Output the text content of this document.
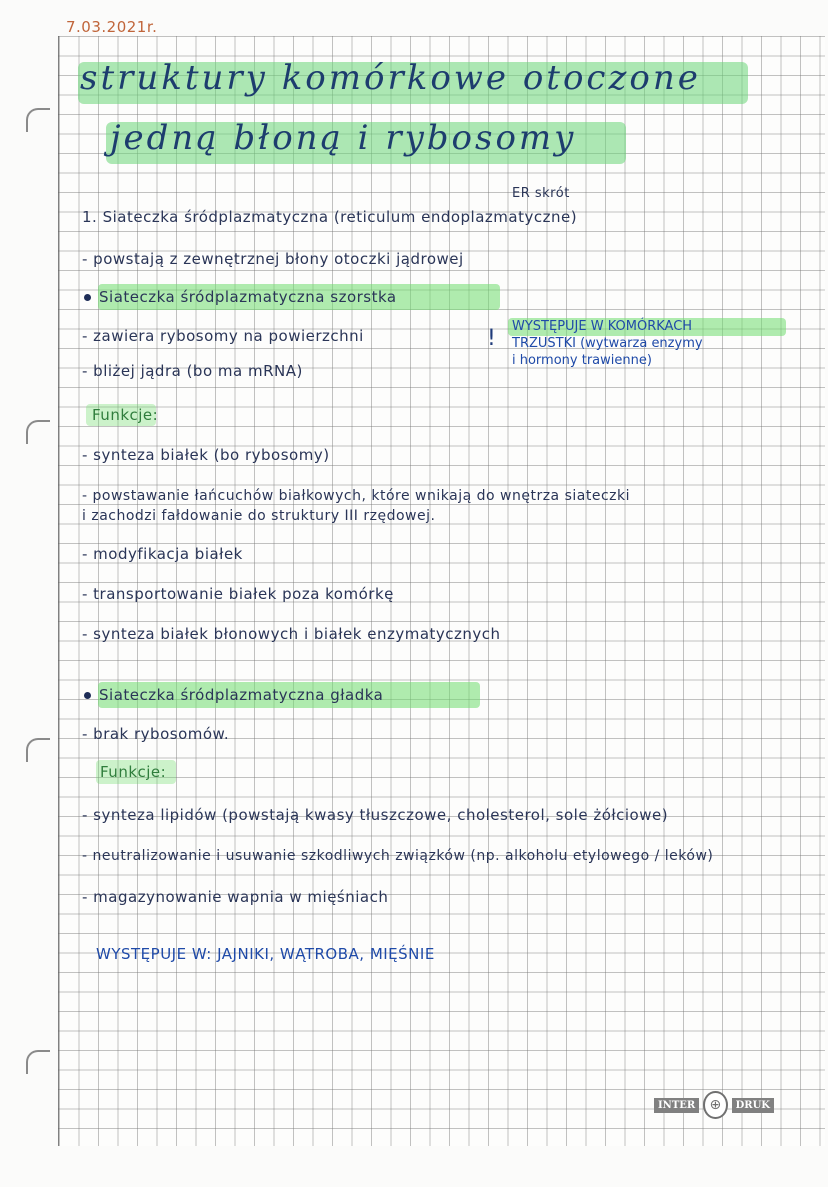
7.03.2021r.
struktury komórkowe otoczone
jedną błoną i rybosomy
ER skrót
1. Siateczka śródplazmatyczna (reticulum endoplazmatyczne)
- powstają z zewnętrznej błony otoczki jądrowej
Siateczka śródplazmatyczna szorstka
- zawiera rybosomy na powierzchni
- bliżej jądra (bo ma mRNA)
! WYSTĘPUJE W KOMÓRKACH
TRZUSTKI (wytwarza enzymy
i hormony trawienne)
Funkcje:
- synteza białek (bo rybosomy)
- powstawanie łańcuchów białkowych, które wnikają do wnętrza siateczki
i zachodzi fałdowanie do struktury III rzędowej.
- modyfikacja białek
- transportowanie białek poza komórkę
- synteza białek błonowych i białek enzymatycznych
Siateczka śródplazmatyczna gładka
- brak rybosomów.
Funkcje:
- synteza lipidów (powstają kwasy tłuszczowe, cholesterol, sole żółciowe)
- neutralizowanie i usuwanie szkodliwych związków (np. alkoholu etylowego / leków)
- magazynowanie wapnia w mięśniach
WYSTĘPUJE W: JAJNIKI, WĄTROBA, MIĘŚNIE
INTER	⊕	DRUK
